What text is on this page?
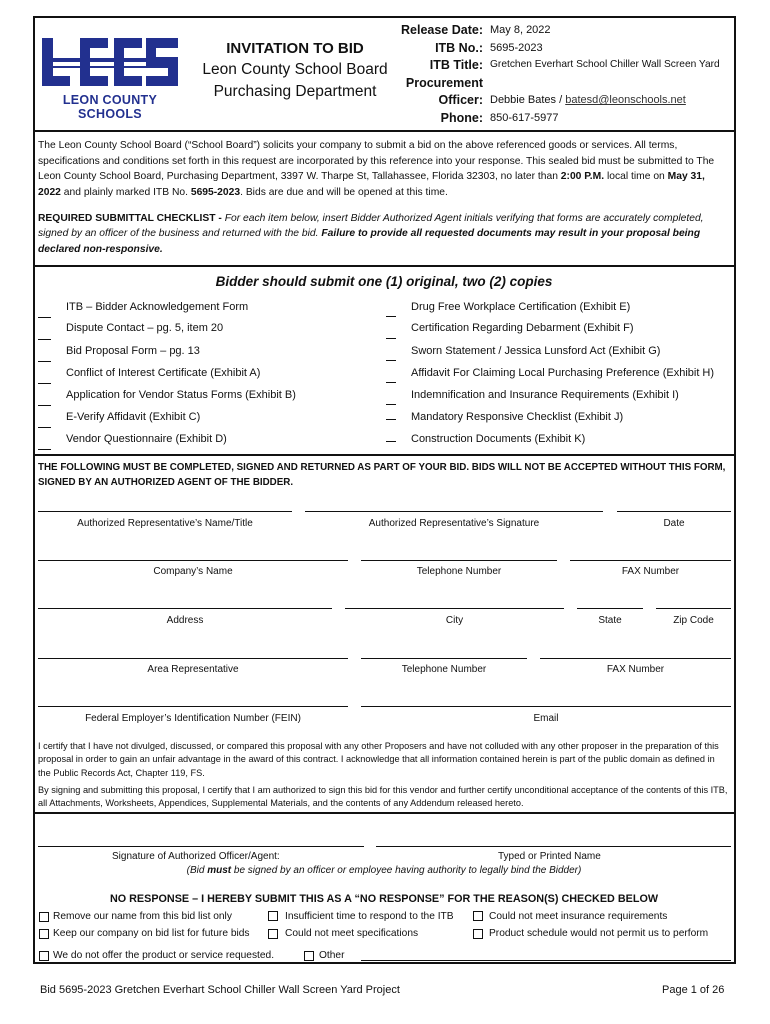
LEON COUNTY SCHOOLS
INVITATION TO BID
Leon County School Board
Purchasing Department
Release Date: May 8, 2022
ITB No.: 5695-2023
ITB Title: Gretchen Everhart School Chiller Wall Screen Yard
Procurement
Officer: Debbie Bates / batesd@leonschools.net
Phone: 850-617-5977
The Leon County School Board (“School Board”) solicits your company to submit a bid on the above referenced goods or services. All terms, specifications and conditions set forth in this request are incorporated by this reference into your response. This sealed bid must be submitted to The Leon County School Board, Purchasing Department, 3397 W. Tharpe St, Tallahassee, Florida 32303, no later than 2:00 P.M. local time on May 31, 2022 and plainly marked ITB No. 5695-2023. Bids are due and will be opened at this time.
REQUIRED SUBMITTAL CHECKLIST - For each item below, insert Bidder Authorized Agent initials verifying that forms are accurately completed, signed by an officer of the business and returned with the bid. Failure to provide all requested documents may result in your proposal being declared non-responsive.
Bidder should submit one (1) original, two (2) copies
ITB – Bidder Acknowledgement Form
Dispute Contact – pg. 5, item 20
Bid Proposal Form – pg. 13
Conflict of Interest Certificate (Exhibit A)
Application for Vendor Status Forms (Exhibit B)
E-Verify Affidavit (Exhibit C)
Vendor Questionnaire (Exhibit D)
Drug Free Workplace Certification (Exhibit E)
Certification Regarding Debarment (Exhibit F)
Sworn Statement / Jessica Lunsford Act (Exhibit G)
Affidavit For Claiming Local Purchasing Preference (Exhibit H)
Indemnification and Insurance Requirements (Exhibit I)
Mandatory Responsive Checklist (Exhibit J)
Construction Documents (Exhibit K)
THE FOLLOWING MUST BE COMPLETED, SIGNED AND RETURNED AS PART OF YOUR BID. BIDS WILL NOT BE ACCEPTED WITHOUT THIS FORM, SIGNED BY AN AUTHORIZED AGENT OF THE BIDDER.
Authorized Representative’s Name/Title	Authorized Representative’s Signature	Date
Company’s Name	Telephone Number	FAX Number
Address	City	State	Zip Code
Area Representative	Telephone Number	FAX Number
Federal Employer’s Identification Number (FEIN)	Email
I certify that I have not divulged, discussed, or compared this proposal with any other Proposers and have not colluded with any other proposer in the preparation of this proposal in order to gain an unfair advantage in the award of this contract. I acknowledge that all information contained herein is part of the public domain as defined in the Public Records Act, Chapter 119, FS.
By signing and submitting this proposal, I certify that I am authorized to sign this bid for this vendor and further certify unconditional acceptance of the contents of this ITB, all Attachments, Worksheets, Appendices, Supplemental Materials, and the contents of any Addendum released hereto.
Signature of Authorized Officer/Agent:	Typed or Printed Name
(Bid must be signed by an officer or employee having authority to legally bind the Bidder)
NO RESPONSE – I HEREBY SUBMIT THIS AS A “NO RESPONSE” FOR THE REASON(S) CHECKED BELOW
Remove our name from this bid list only	Insufficient time to respond to the ITB	Could not meet insurance requirements
Keep our company on bid list for future bids	Could not meet specifications	Product schedule would not permit us to perform
We do not offer the product or service requested.	Other
Bid 5695-2023 Gretchen Everhart School Chiller Wall Screen Yard Project	Page 1 of 26
